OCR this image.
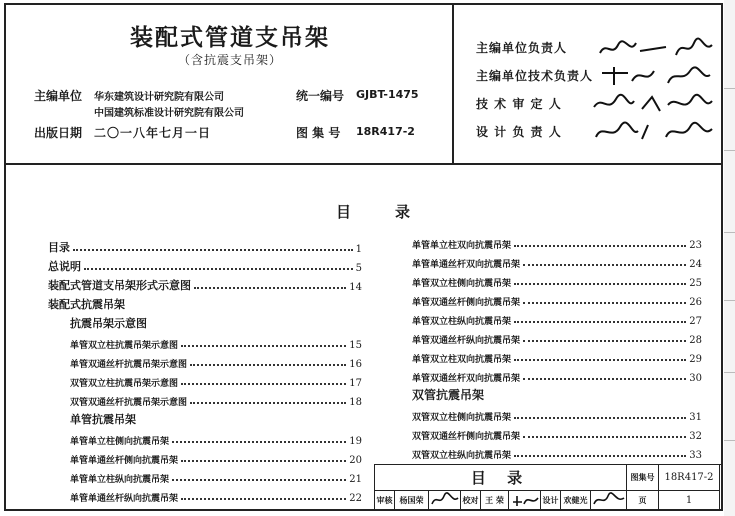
装配式管道支吊架
（含抗震支吊架）
主编单位 华东建筑设计研究院有限公司
中国建筑标准设计研究院有限公司
统一编号 GJBT-1475
出版日期 二〇一八年七月一日	图 集 号 18R417-2
主编单位负责人
主编单位技术负责人
技 术 审 定 人
设 计 负 责 人
目	录
目录	1
总说明	5
装配式管道支吊架形式示意图	14
装配式抗震吊架
抗震吊架示意图
单管双立柱抗震吊架示意图	15
单管双通丝杆抗震吊架示意图	16
双管双立柱抗震吊架示意图	17
双管双通丝杆抗震吊架示意图	18
单管抗震吊架
单管单立柱侧向抗震吊架	19
单管单通丝杆侧向抗震吊架	20
单管单立柱纵向抗震吊架	21
单管单通丝杆纵向抗震吊架	22
单管单立柱双向抗震吊架	23
单管单通丝杆双向抗震吊架	24
单管双立柱侧向抗震吊架	25
单管双通丝杆侧向抗震吊架	26
单管双立柱纵向抗震吊架	27
单管双通丝杆纵向抗震吊架	28
单管双立柱双向抗震吊架	29
单管双通丝杆双向抗震吊架	30
双管抗震吊架
双管双立柱侧向抗震吊架	31
双管双通丝杆侧向抗震吊架	32
双管双立柱纵向抗震吊架	33
目 录	图集号 18R417-2
审核 杨国荣	校对 王 荣	设计 欢健光	页	1
